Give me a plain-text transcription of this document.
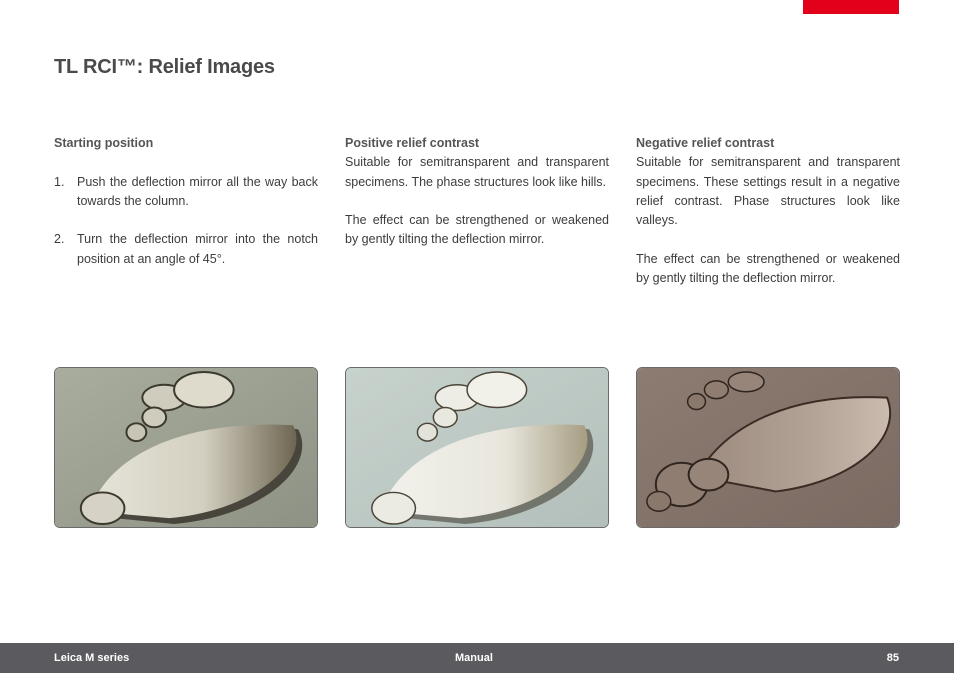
TL RCI™: Relief Images
Starting position
1.	Push the deflection mirror all the way back towards the column.
2.	Turn the deflection mirror into the notch position at an angle of 45°.
Positive relief contrast

Suitable for semitransparent and transparent specimens. The phase structures look like hills.

The effect can be strengthened or weakened by gently tilting the deflection mirror.

Negative relief contrast

Suitable for semitransparent and transparent specimens. These settings result in a negative relief contrast. Phase structures look like valleys.

The effect can be strengthened or weakened by gently tilting the deflection mirror.

Leica M series	Manual	85
